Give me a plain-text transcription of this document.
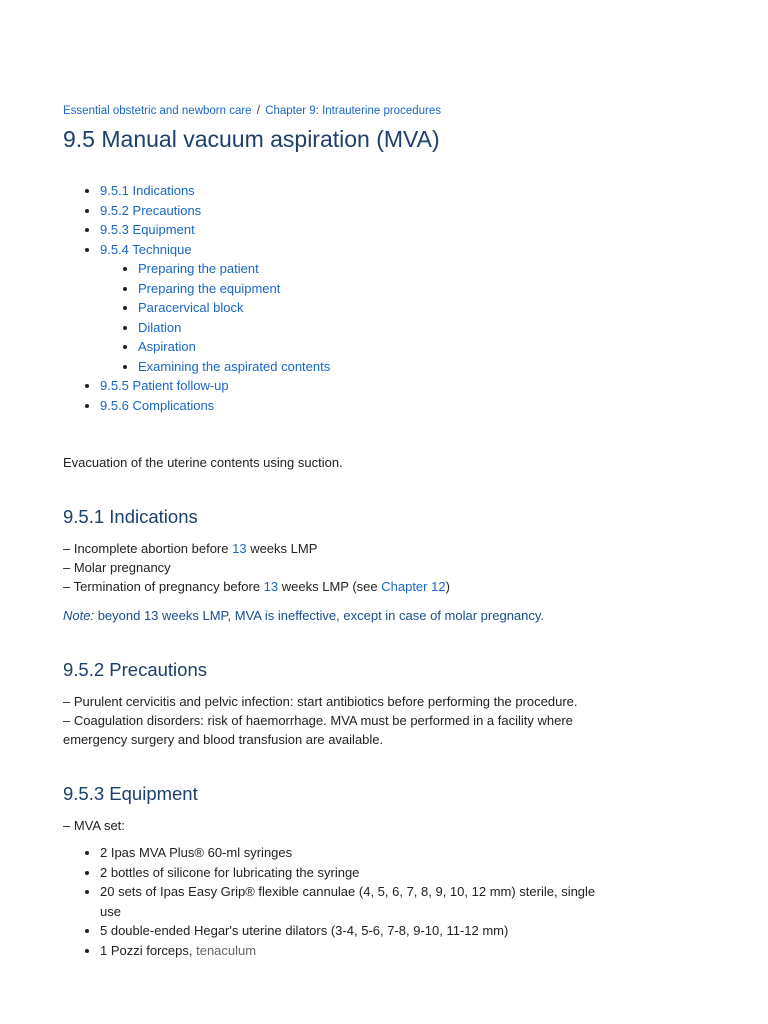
Essential obstetric and newborn care / Chapter 9: Intrauterine procedures
9.5 Manual vacuum aspiration (MVA)
• 9.5.1 Indications
• 9.5.2 Precautions
• 9.5.3 Equipment
• 9.5.4 Technique
• Preparing the patient
• Preparing the equipment
• Paracervical block
• Dilation
• Aspiration
• Examining the aspirated contents
• 9.5.5 Patient follow-up
• 9.5.6 Complications

Evacuation of the uterine contents using suction.

9.5.1 Indications
– Incomplete abortion before 13 weeks LMP
– Molar pregnancy
– Termination of pregnancy before 13 weeks LMP (see Chapter 12)
Note: beyond 13 weeks LMP, MVA is ineffective, except in case of molar pregnancy.
9.5.2 Precautions
– Purulent cervicitis and pelvic infection: start antibiotics before performing the procedure.
– Coagulation disorders: risk of haemorrhage. MVA must be performed in a facility where emergency surgery and blood transfusion are available.
9.5.3 Equipment
– MVA set:
• 2 Ipas MVA Plus® 60-ml syringes
• 2 bottles of silicone for lubricating the syringe
• 20 sets of Ipas Easy Grip® flexible cannulae (4, 5, 6, 7, 8, 9, 10, 12 mm) sterile, single use
• 5 double-ended Hegar's uterine dilators (3-4, 5-6, 7-8, 9-10, 11-12 mm)
• 1 Pozzi forceps, tenaculum
